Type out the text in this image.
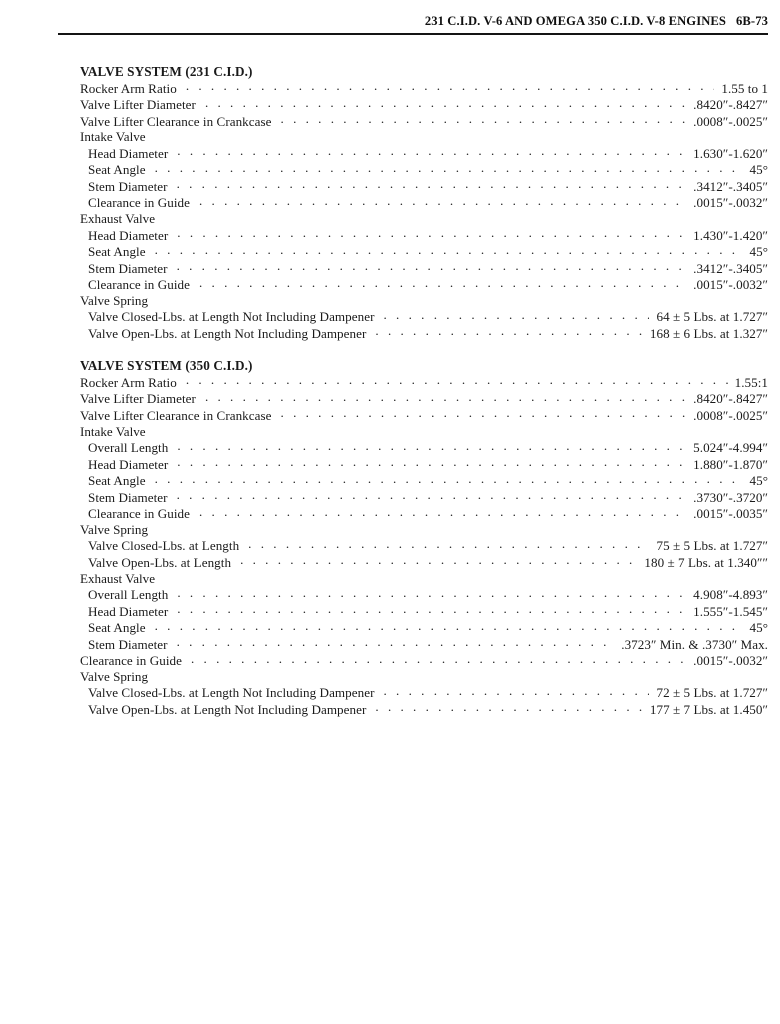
231 C.I.D. V-6 AND OMEGA 350 C.I.D. V-8 ENGINES 6B-73
VALVE SYSTEM (231 C.I.D.)
Rocker Arm Ratio . . .	1.55 to 1
Valve Lifter Diameter . . .	.8420″-.8427″
Valve Lifter Clearance in Crankcase . . .	.0008″-.0025″
Intake Valve
Head Diameter . . .	1.630″-1.620″
Seat Angle . . .	45°
Stem Diameter . . .	.3412″-.3405″
Clearance in Guide . . .	.0015″-.0032″
Exhaust Valve
Head Diameter . . .	1.430″-1.420″
Seat Angle . . .	45°
Stem Diameter . . .	.3412″-.3405″
Clearance in Guide . . .	.0015″-.0032″
Valve Spring
Valve Closed-Lbs. at Length Not Including Dampener . . .	64 ± 5 Lbs. at 1.727″
Valve Open-Lbs. at Length Not Including Dampener . . .	168 ± 6 Lbs. at 1.327″
VALVE SYSTEM (350 C.I.D.)
Rocker Arm Ratio . . .	1.55:1
Valve Lifter Diameter . . .	.8420″-.8427″
Valve Lifter Clearance in Crankcase . . .	.0008″-.0025″
Intake Valve
Overall Length . . .	5.024″-4.994″
Head Diameter . . .	1.880″-1.870″
Seat Angle . . .	45°
Stem Diameter . . .	.3730″-.3720″
Clearance in Guide . . .	.0015″-.0035″
Valve Spring
Valve Closed-Lbs. at Length . . .	75 ± 5 Lbs. at 1.727″
Valve Open-Lbs. at Length . . .	180 ± 7 Lbs. at 1.340″″
Exhaust Valve
Overall Length . . .	4.908″-4.893″
Head Diameter . . .	1.555″-1.545″
Seat Angle . . .	45°
Stem Diameter . . .	.3723″ Min. & .3730″ Max.
Clearance in Guide . . .	.0015″-.0032″
Valve Spring
Valve Closed-Lbs. at Length Not Including Dampener . . .	72 ± 5 Lbs. at 1.727″
Valve Open-Lbs. at Length Not Including Dampener . . .	177 ± 7 Lbs. at 1.450″
